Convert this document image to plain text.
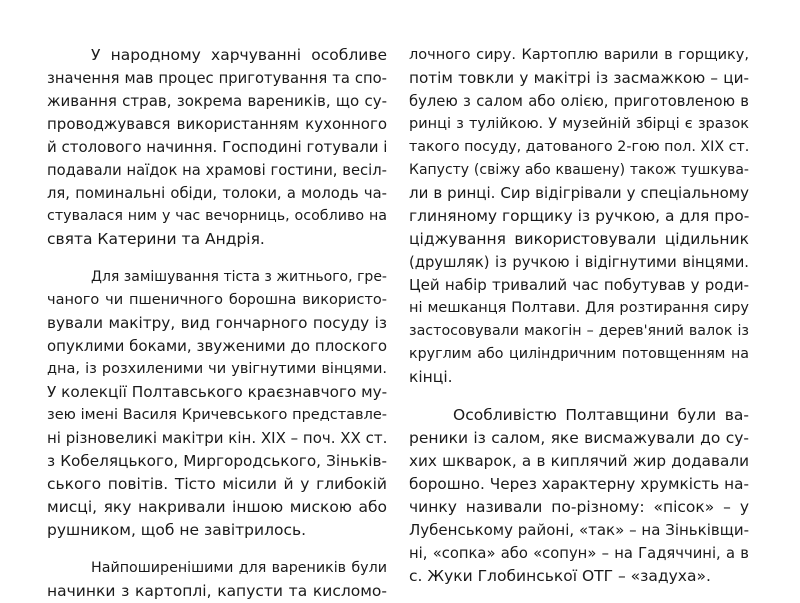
У народному харчуванні особливе
значення мав процес приготування та спо-
живання страв, зокрема вареників, що су-
проводжувався використанням кухонного
й столового начиння. Господині готували і
подавали наїдок на храмові гостини, весіл-
ля, поминальні обіди, толоки, а молодь ча-
стувалася ним у час вечорниць, особливо на
свята Катерини та Андрія.
Для замішування тіста з житнього, гре-
чаного чи пшеничного борошна використо-
вували макітру, вид гончарного посуду із
опуклими боками, звуженими до плоского
дна, із розхиленими чи увігнутими вінцями.
У колекції Полтавського краєзнавчого му-
зею імені Василя Кричевського представле-
ні різновеликі макітри кін. ХІХ – поч. ХХ ст.
з Кобеляцького, Миргородського, Зіньків-
ського повітів. Тісто місили й у глибокій
мисці, яку накривали іншою мискою або
рушником, щоб не завітрилось.
Найпоширенішими для вареників були
начинки з картоплі, капусти та кисломо-
лочного сиру. Картоплю варили в горщику,
потім товкли у макітрі із засмажкою – ци-
булею з салом або олією, приготовленою в
ринці з тулійкою. У музейній збірці є зразок
такого посуду, датованого 2-гою пол. ХІХ ст.
Капусту (свіжу або квашену) також тушкува-
ли в ринці. Сир відігрівали у спеціальному
глиняному горщику із ручкою, а для про-
ціджування використовували цідильник
(друшляк) із ручкою і відігнутими вінцями.
Цей набір тривалий час побутував у роди-
ні мешканця Полтави. Для розтирання сиру
застосовували макогін – дерев'яний валок із
круглим або циліндричним потовщенням на
кінці.
Особливістю Полтавщини були ва-
реники із салом, яке висмажували до су-
хих шкварок, а в киплячий жир додавали
борошно. Через характерну хрумкість на-
чинку називали по-різному: «пісок» – у
Лубенському районі, «так» – на Зіньківщи-
ні, «сопка» або «сопун» – на Гадяччині, а в
с. Жуки Глобинської ОТГ – «задуха».
